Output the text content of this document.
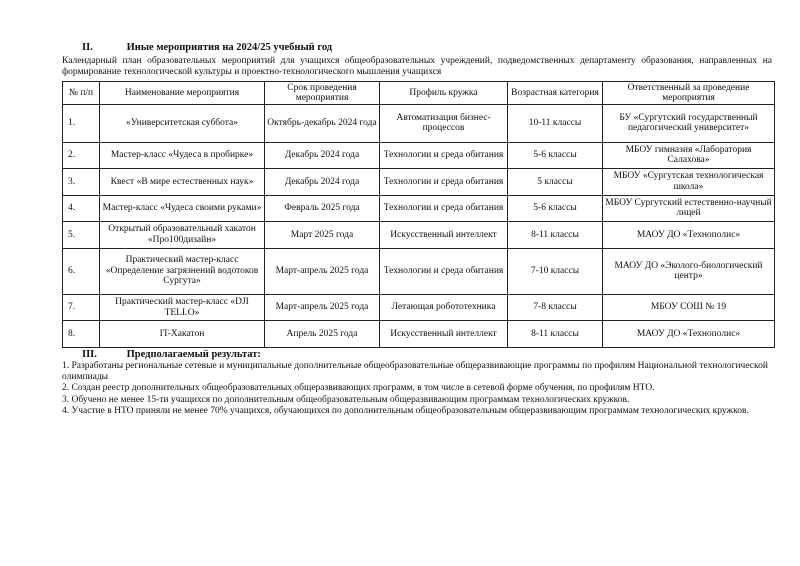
II.	Иные мероприятия на 2024/25 учебный год
Календарный план образовательных мероприятий для учащихся общеобразовательных учреждений, подведомственных департаменту образования, направленных на формирование технологической культуры и проектно-технологического мышления учащихся
№ п/п	Наименование мероприятия	Срок проведения мероприятия	Профиль кружка	Возрастная категория	Ответственный за проведение мероприятия
1.	«Университетская суббота»	Октябрь-декабрь 2024 года	Автоматизация бизнес-процессов	10-11 классы	БУ «Сургутский государственный педагогический университет»
2.	Мастер-класс «Чудеса в пробирке»	Декабрь 2024 года	Технологии и среда обитания	5-6 классы	МБОУ гимназия «Лаборатория Салахова»
3.	Квест «В мире естественных наук»	Декабрь 2024 года	Технологии и среда обитания	5 классы	МБОУ «Сургутская технологическая школа»
4.	Мастер-класс «Чудеса своими руками»	Февраль 2025 года	Технологии и среда обитания	5-6 классы	МБОУ Сургутский естественно-научный лицей
5.	Открытый образовательный хакатон «Про100дизайн»	Март 2025 года	Искусственный интеллект	8-11 классы	МАОУ ДО «Технополис»
6.	Практический мастер-класс «Определение загрязнений водотоков Сургута»	Март-апрель 2025 года	Технологии и среда обитания	7-10 классы	МАОУ ДО «Эколого-биологический центр»
7.	Практический мастер-класс «DJI TELLO»	Март-апрель 2025 года	Летающая робототехника	7-8 классы	МБОУ СОШ № 19
8.	IT-Хакатон	Апрель 2025 года	Искусственный интеллект	8-11 классы	МАОУ ДО «Технополис»
III.	Предполагаемый результат:
1. Разработаны региональные сетевые и муниципальные дополнительные общеобразовательные общеразвивающие программы по профилям Национальной технологической олимпиады
2. Создан реестр дополнительных общеобразовательных общеразвивающих программ, в том числе в сетевой форме обучения, по профилям НТО.
3. Обучено не менее 15-ти учащихся по дополнительным общеобразовательным общеразвивающим программам технологических кружков.
4. Участие в НТО приняли не менее 70% учащихся, обучающихся по дополнительным общеобразовательным общеразвивающим программам технологических кружков.
